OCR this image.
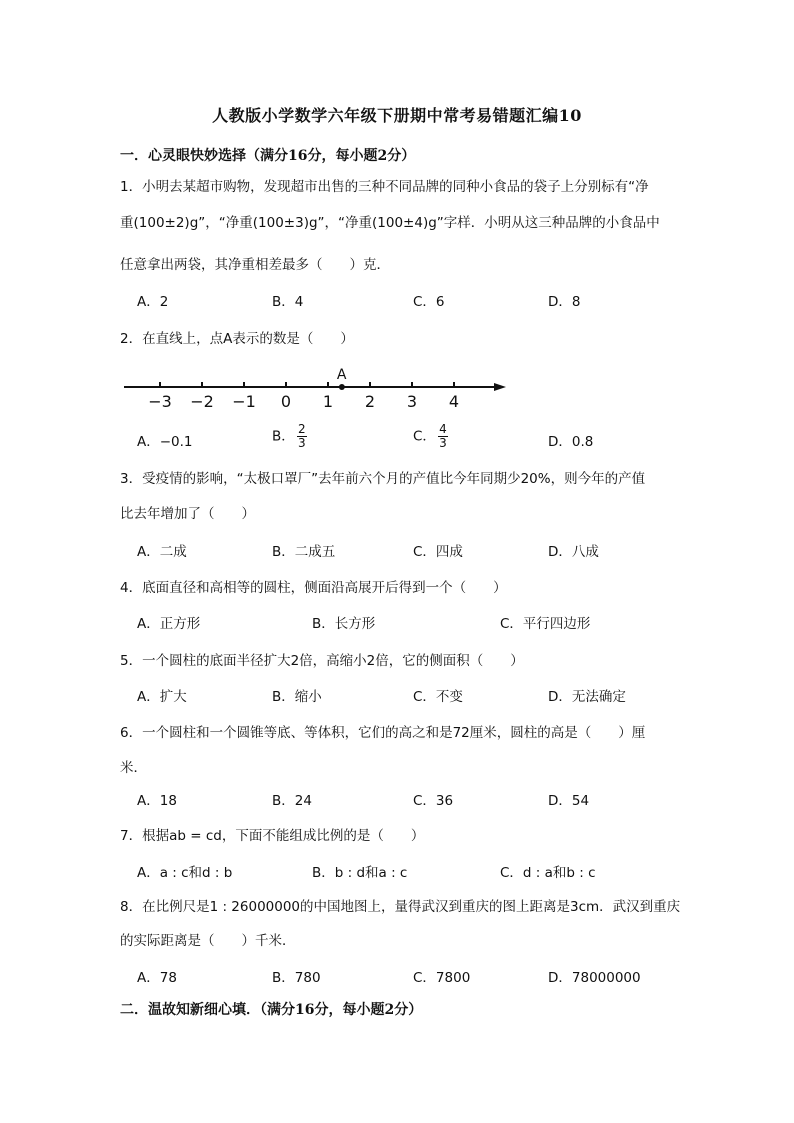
人教版小学数学六年级下册期中常考易错题汇编10
一．心灵眼快妙选择（满分16分，每小题2分）
1．小明去某超市购物，发现超市出售的三种不同品牌的同种小食品的袋子上分别标有“净
重(100±2)g”，“净重(100±3)g”，“净重(100±4)g”字样．小明从这三种品牌的小食品中
任意拿出两袋，其净重相差最多（　　）克．
A．2	B．4	C．6	D．8
2．在直线上，点A表示的数是（　　）
−3 −2 −1 0 1 2 3 4
A
A．−0.1	B． $\frac{2}{3}$	C． $\frac{4}{3}$	D．0.8
3．受疫情的影响，“太极口罩厂”去年前六个月的产值比今年同期少20%，则今年的产值
比去年增加了（　　）
A．二成	B．二成五	C．四成	D．八成
4．底面直径和高相等的圆柱，侧面沿高展开后得到一个（　　）
A．正方形	B．长方形	C．平行四边形
5．一个圆柱的底面半径扩大2倍，高缩小2倍，它的侧面积（　　）
A．扩大	B．缩小	C．不变	D．无法确定
6．一个圆柱和一个圆锥等底、等体积，它们的高之和是72厘米，圆柱的高是（　　）厘
米．
A．18	B．24	C．36	D．54
7．根据ab = cd，下面不能组成比例的是（　　）
A．a : c和d : b	B．b : d和a : c	C．d : a和b : c
8．在比例尺是1 : 26000000的中国地图上，量得武汉到重庆的图上距离是3cm．武汉到重庆
的实际距离是（　　）千米．
A．78	B．780	C．7800	D．78000000
二．温故知新细心填．（满分16分，每小题2分）
